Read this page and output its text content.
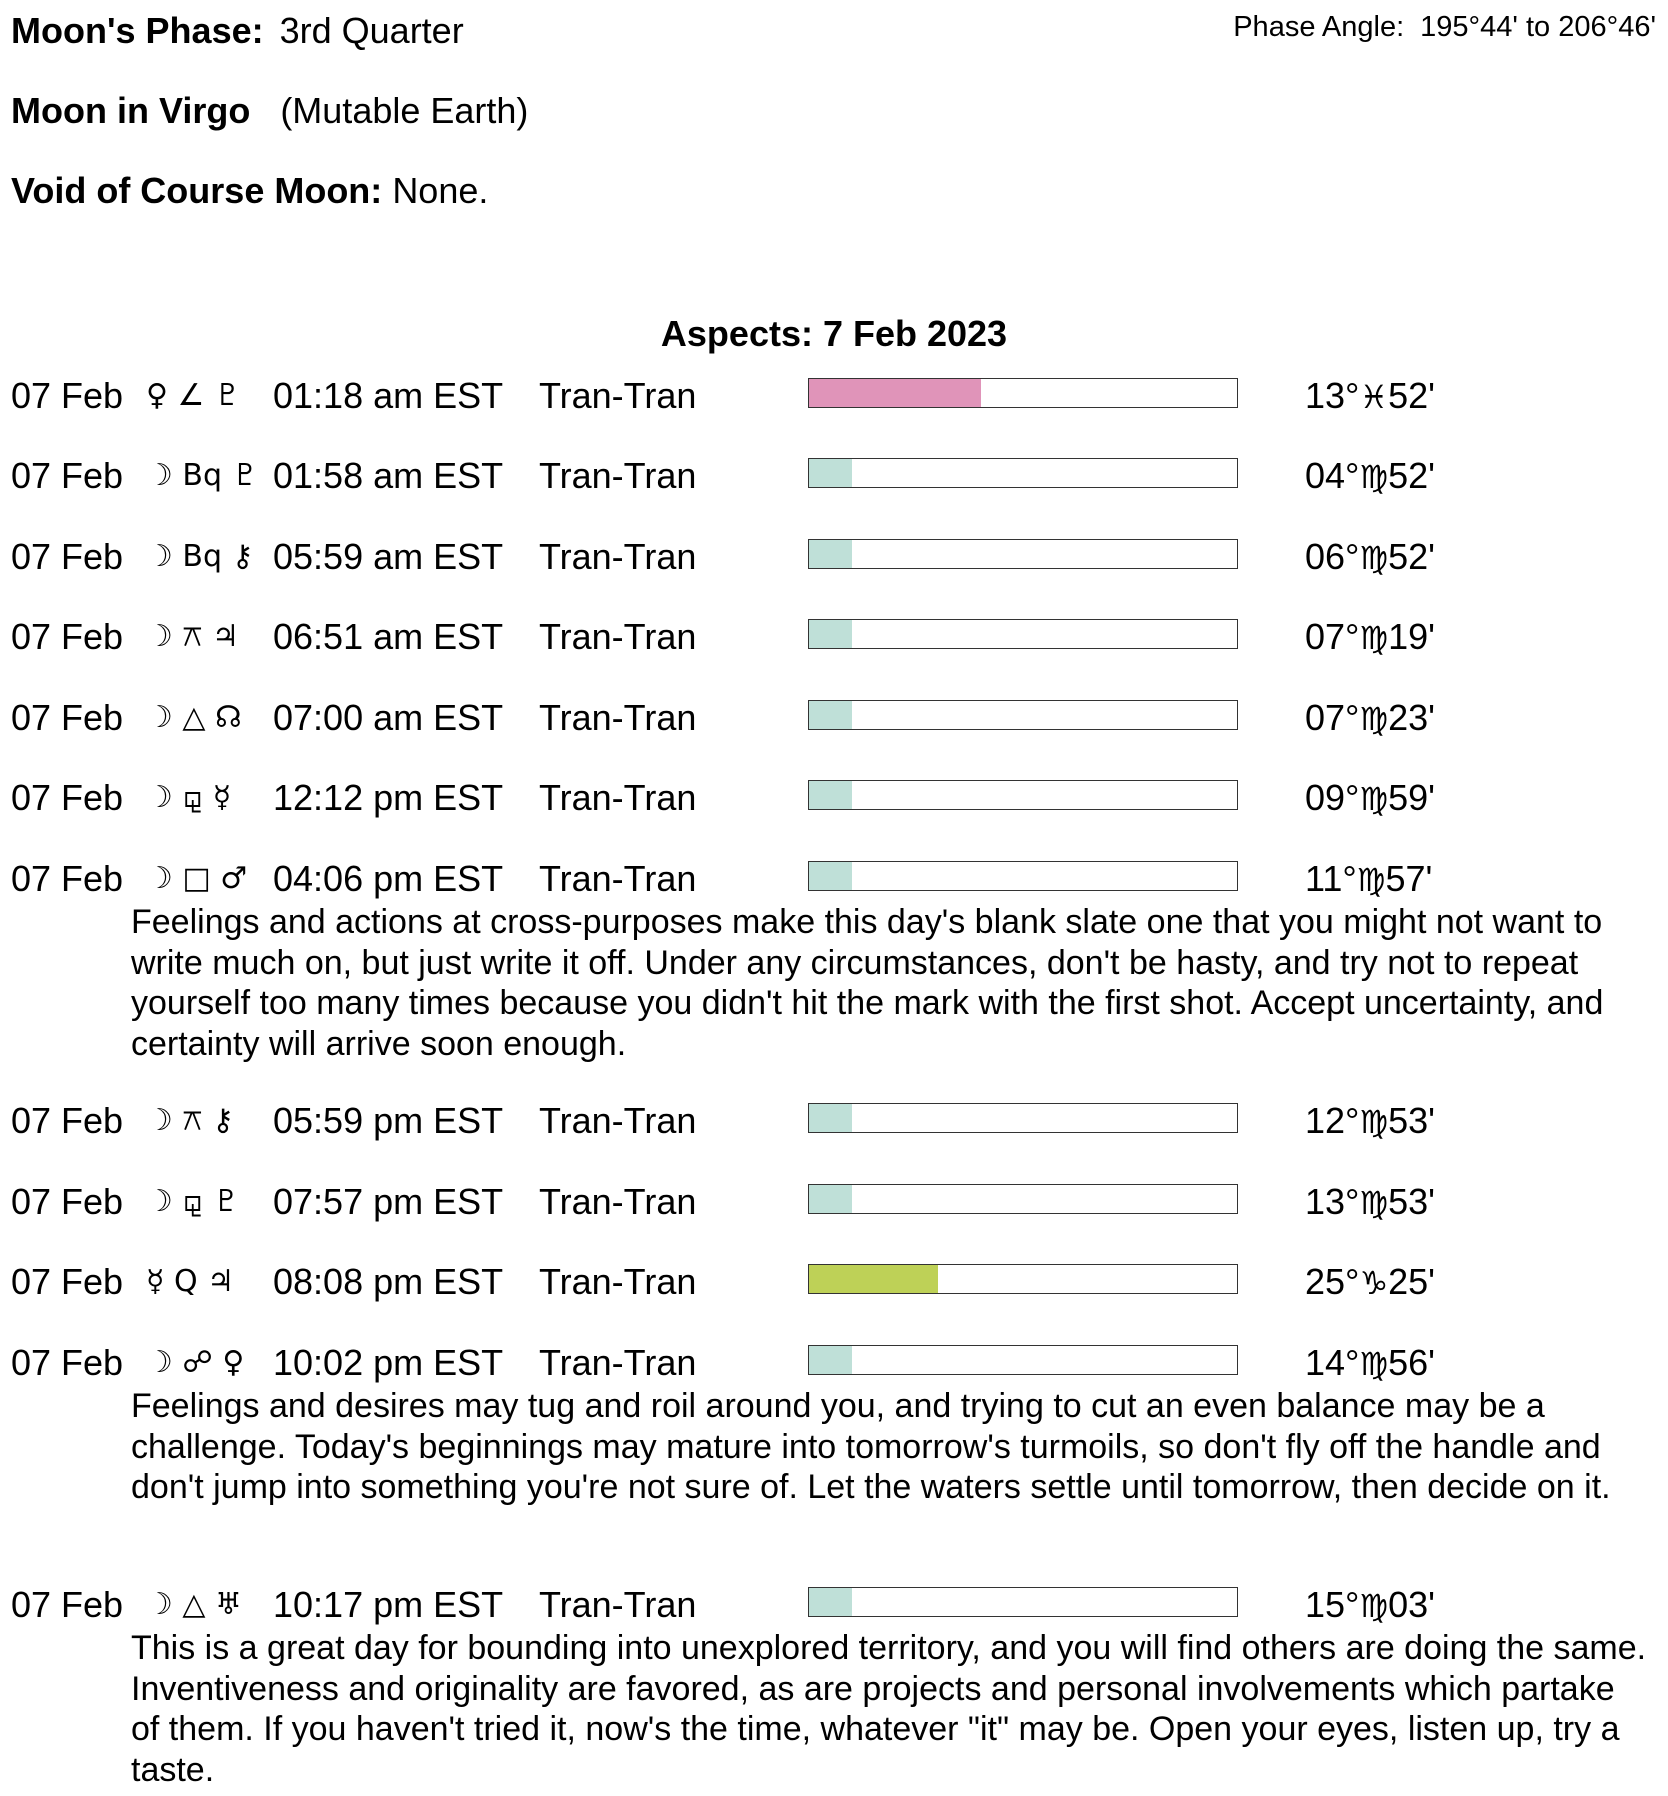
Moon's Phase: 3rd Quarter	Phase Angle: 195°44' to 206°46'
Moon in Virgo (Mutable Earth)
Void of Course Moon: None.
Aspects: 7 Feb 2023
07 Feb ♀ ∠ ♇ 01:18 am EST Tran-Tran	13°♓52'
07 Feb ☽ Bq ♇ 01:58 am EST Tran-Tran	04°♍52'
07 Feb ☽ Bq ⚷ 05:59 am EST Tran-Tran	06°♍52'
07 Feb ☽ ⚻ ♃ 06:51 am EST Tran-Tran	07°♍19'
07 Feb ☽ △ ☊ 07:00 am EST Tran-Tran	07°♍23'
07 Feb ☽ ⚼ ☿	12:12 pm EST Tran-Tran	09°♍59'
07 Feb ☽ □ ♂ 04:06 pm EST Tran-Tran	11°♍57'
Feelings and actions at cross-purposes make this day's blank slate one that you might not want to write much on, but just write it off. Under any circumstances, don't be hasty, and try not to repeat yourself too many times because you didn't hit the mark with the first shot. Accept uncertainty, and certainty will arrive soon enough.
07 Feb ☽ ⚻ ⚷	05:59 pm EST Tran-Tran	12°♍53'
07 Feb ☽ ⚼ ♇ 07:57 pm EST Tran-Tran	13°♍53'
07 Feb ☿ Q ♃	08:08 pm EST Tran-Tran	25°♑25'
07 Feb ☽ ☍ ♀ 10:02 pm EST Tran-Tran	14°♍56'
Feelings and desires may tug and roil around you, and trying to cut an even balance may be a challenge. Today's beginnings may mature into tomorrow's turmoils, so don't fly off the handle and don't jump into something you're not sure of. Let the waters settle until tomorrow, then decide on it.
07 Feb ☽ △ ♅ 10:17 pm EST Tran-Tran	15°♍03'
This is a great day for bounding into unexplored territory, and you will find others are doing the same. Inventiveness and originality are favored, as are projects and personal involvements which partake of them. If you haven't tried it, now's the time, whatever "it" may be. Open your eyes, listen up, try a taste.
